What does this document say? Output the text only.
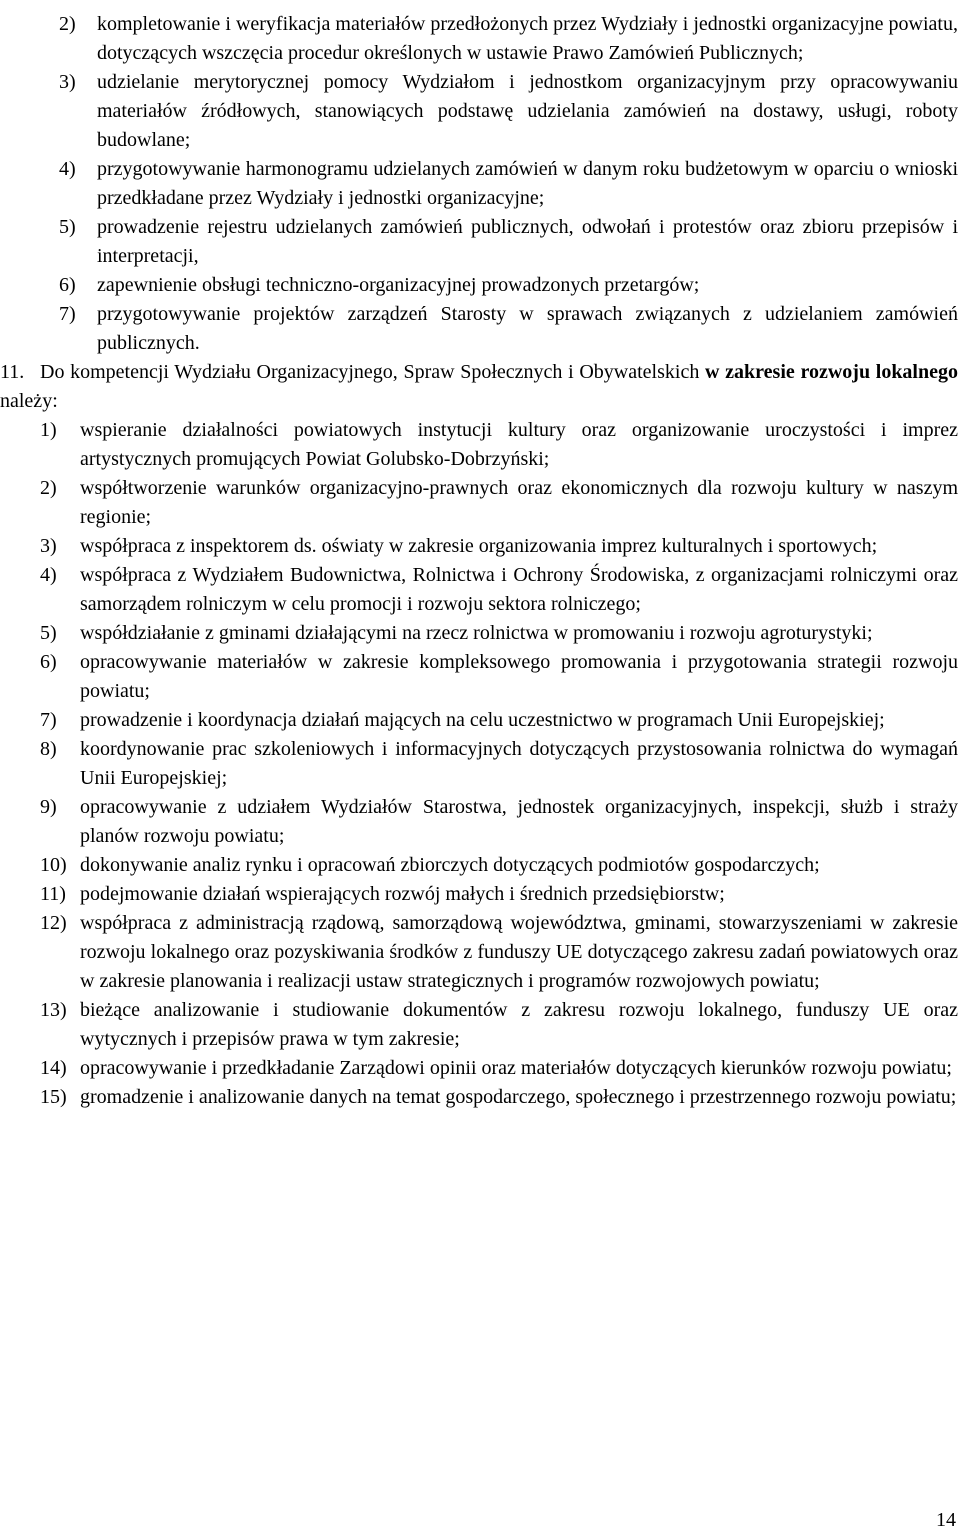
2)	kompletowanie i weryfikacja materiałów przedłożonych przez Wydziały i jednostki organizacyjne powiatu, dotyczących wszczęcia procedur określonych w ustawie Prawo Zamówień Publicznych;
3)	udzielanie merytorycznej pomocy Wydziałom i jednostkom organizacyjnym przy opracowywaniu materiałów źródłowych, stanowiących podstawę udzielania zamówień na dostawy, usługi, roboty budowlane;
4)	przygotowywanie harmonogramu udzielanych zamówień w danym roku budżetowym w oparciu o wnioski przedkładane przez Wydziały i jednostki organizacyjne;
5)	prowadzenie rejestru udzielanych zamówień publicznych, odwołań i protestów oraz zbioru przepisów i interpretacji,
6)	zapewnienie obsługi techniczno-organizacyjnej prowadzonych przetargów;
7)	przygotowywanie projektów zarządzeń Starosty w sprawach związanych z udzielaniem zamówień publicznych.
11. Do kompetencji Wydziału Organizacyjnego, Spraw Społecznych i Obywatelskich w zakresie rozwoju lokalnego należy:
1)	wspieranie działalności powiatowych instytucji kultury oraz organizowanie uroczystości i imprez artystycznych promujących Powiat Golubsko-Dobrzyński;
2)	współtworzenie warunków organizacyjno-prawnych oraz ekonomicznych dla rozwoju kultury w naszym regionie;
3)	współpraca z inspektorem ds. oświaty w zakresie organizowania imprez kulturalnych i sportowych;
4)	współpraca z Wydziałem Budownictwa, Rolnictwa i Ochrony Środowiska, z organizacjami rolniczymi oraz samorządem rolniczym w celu promocji i rozwoju sektora rolniczego;
5)	współdziałanie z gminami działającymi na rzecz rolnictwa w promowaniu i rozwoju agroturystyki;
6)	opracowywanie materiałów w zakresie kompleksowego promowania i przygotowania strategii rozwoju powiatu;
7)	prowadzenie i koordynacja działań mających na celu uczestnictwo w programach Unii Europejskiej;
8)	koordynowanie prac szkoleniowych i informacyjnych dotyczących przystosowania rolnictwa do wymagań Unii Europejskiej;
9)	opracowywanie z udziałem Wydziałów Starostwa, jednostek organizacyjnych, inspekcji, służb i straży planów rozwoju powiatu;
10) dokonywanie analiz rynku i opracowań zbiorczych dotyczących podmiotów gospodarczych;
11) podejmowanie działań wspierających rozwój małych i średnich przedsiębiorstw;
12) współpraca z administracją rządową, samorządową województwa, gminami, stowarzyszeniami w zakresie rozwoju lokalnego oraz pozyskiwania środków z funduszy UE dotyczącego zakresu zadań powiatowych oraz w zakresie planowania i realizacji ustaw strategicznych i programów rozwojowych powiatu;
13) bieżące analizowanie i studiowanie dokumentów z zakresu rozwoju lokalnego, funduszy UE oraz wytycznych i przepisów prawa w tym zakresie;
14) opracowywanie i przedkładanie Zarządowi opinii oraz materiałów dotyczących kierunków rozwoju powiatu;
15) gromadzenie i analizowanie danych na temat gospodarczego, społecznego i przestrzennego rozwoju powiatu;
14
